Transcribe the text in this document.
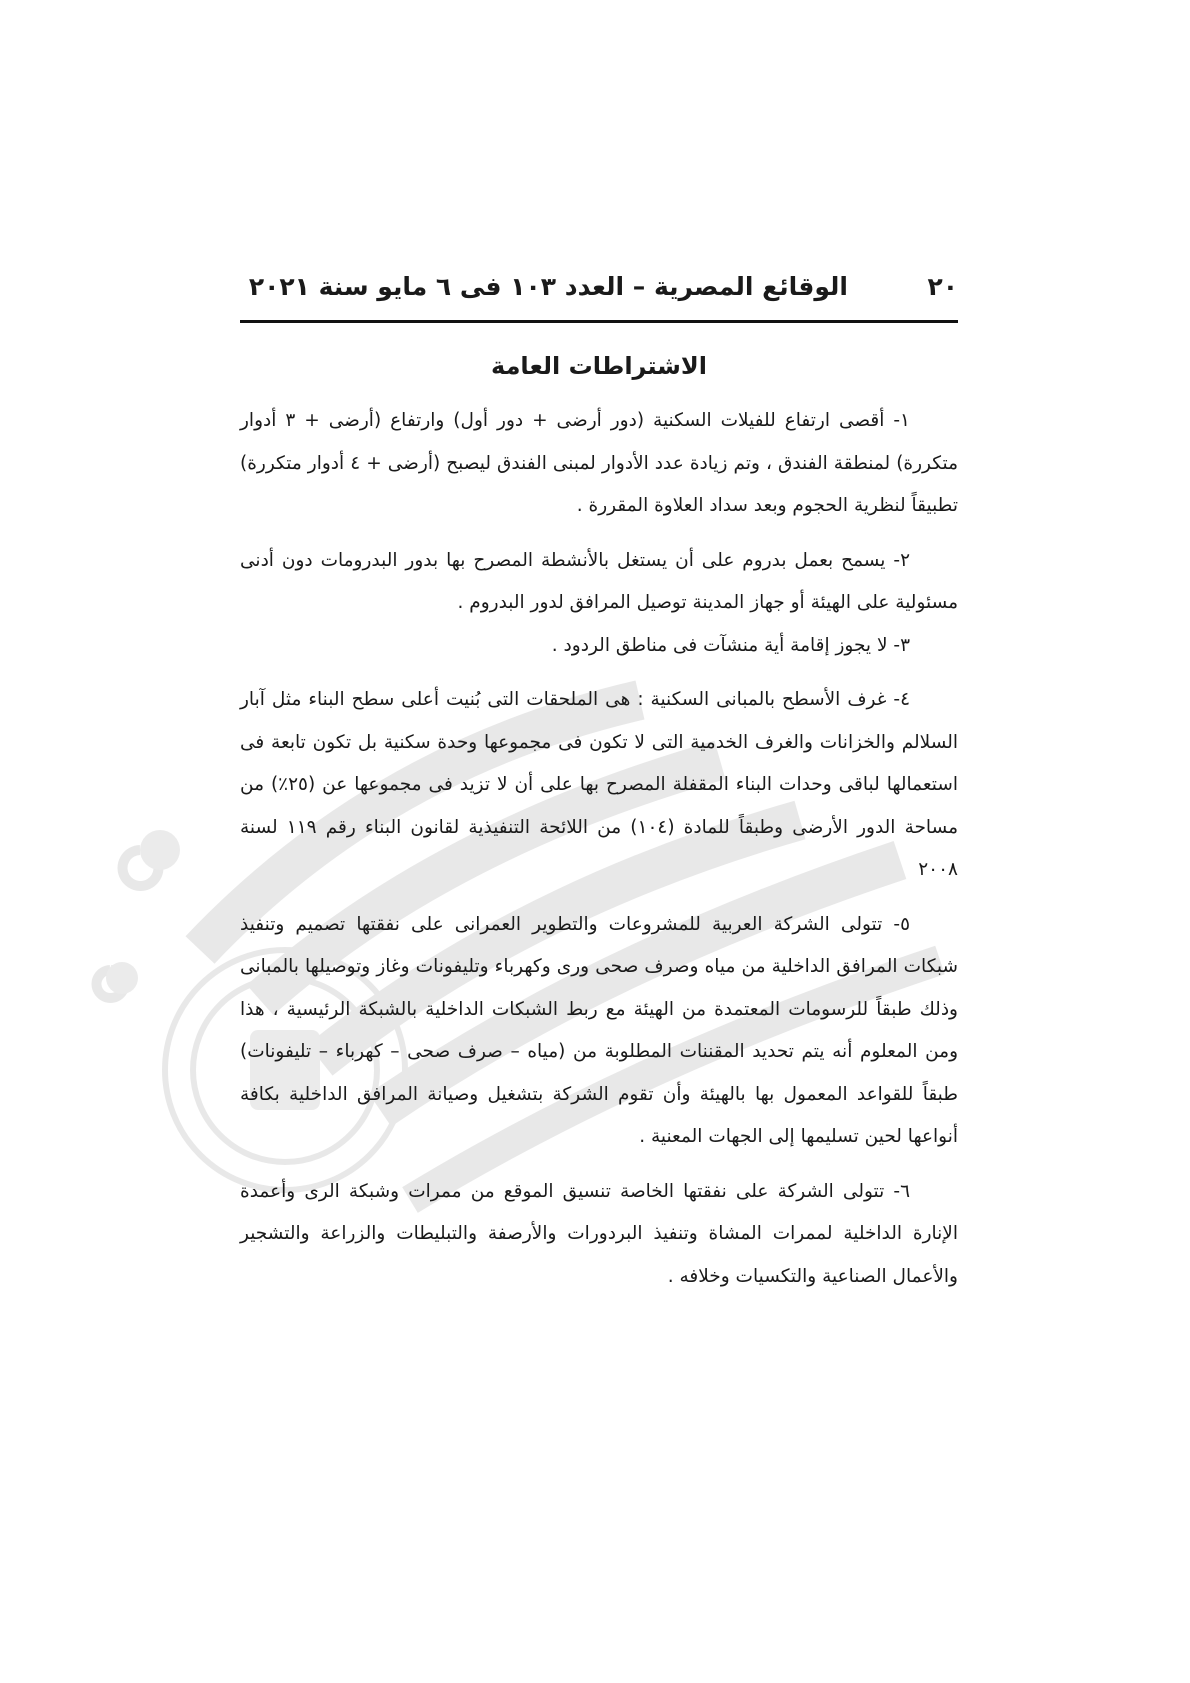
٢٠
الوقائع المصرية – العدد ١٠٣ فى ٦ مايو سنة ٢٠٢١
الاشتراطات العامة

١- أقصى ارتفاع للفيلات السكنية (دور أرضى + دور أول) وارتفاع (أرضى + ٣ أدوار متكررة) لمنطقة الفندق ، وتم زيادة عدد الأدوار لمبنى الفندق ليصبح (أرضى + ٤ أدوار متكررة) تطبيقاً لنظرية الحجوم وبعد سداد العلاوة المقررة .

٢- يسمح بعمل بدروم على أن يستغل بالأنشطة المصرح بها بدور البدرومات دون أدنى مسئولية على الهيئة أو جهاز المدينة توصيل المرافق لدور البدروم .

٣- لا يجوز إقامة أية منشآت فى مناطق الردود .

٤- غرف الأسطح بالمبانى السكنية : هى الملحقات التى بُنيت أعلى سطح البناء مثل آبار السلالم والخزانات والغرف الخدمية التى لا تكون فى مجموعها وحدة سكنية بل تكون تابعة فى استعمالها لباقى وحدات البناء المقفلة المصرح بها على أن لا تزيد فى مجموعها عن (٢٥٪) من مساحة الدور الأرضى وطبقاً للمادة (١٠٤) من اللائحة التنفيذية لقانون البناء رقم ١١٩ لسنة ٢٠٠٨

٥- تتولى الشركة العربية للمشروعات والتطوير العمرانى على نفقتها تصميم وتنفيذ شبكات المرافق الداخلية من مياه وصرف صحى ورى وكهرباء وتليفونات وغاز وتوصيلها بالمبانى وذلك طبقاً للرسومات المعتمدة من الهيئة مع ربط الشبكات الداخلية بالشبكة الرئيسية ، هذا ومن المعلوم أنه يتم تحديد المقننات المطلوبة من (مياه – صرف صحى – كهرباء – تليفونات) طبقاً للقواعد المعمول بها بالهيئة وأن تقوم الشركة بتشغيل وصيانة المرافق الداخلية بكافة أنواعها لحين تسليمها إلى الجهات المعنية .

٦- تتولى الشركة على نفقتها الخاصة تنسيق الموقع من ممرات وشبكة الرى وأعمدة الإنارة الداخلية لممرات المشاة وتنفيذ البردورات والأرصفة والتبليطات والزراعة والتشجير والأعمال الصناعية والتكسيات وخلافه .
